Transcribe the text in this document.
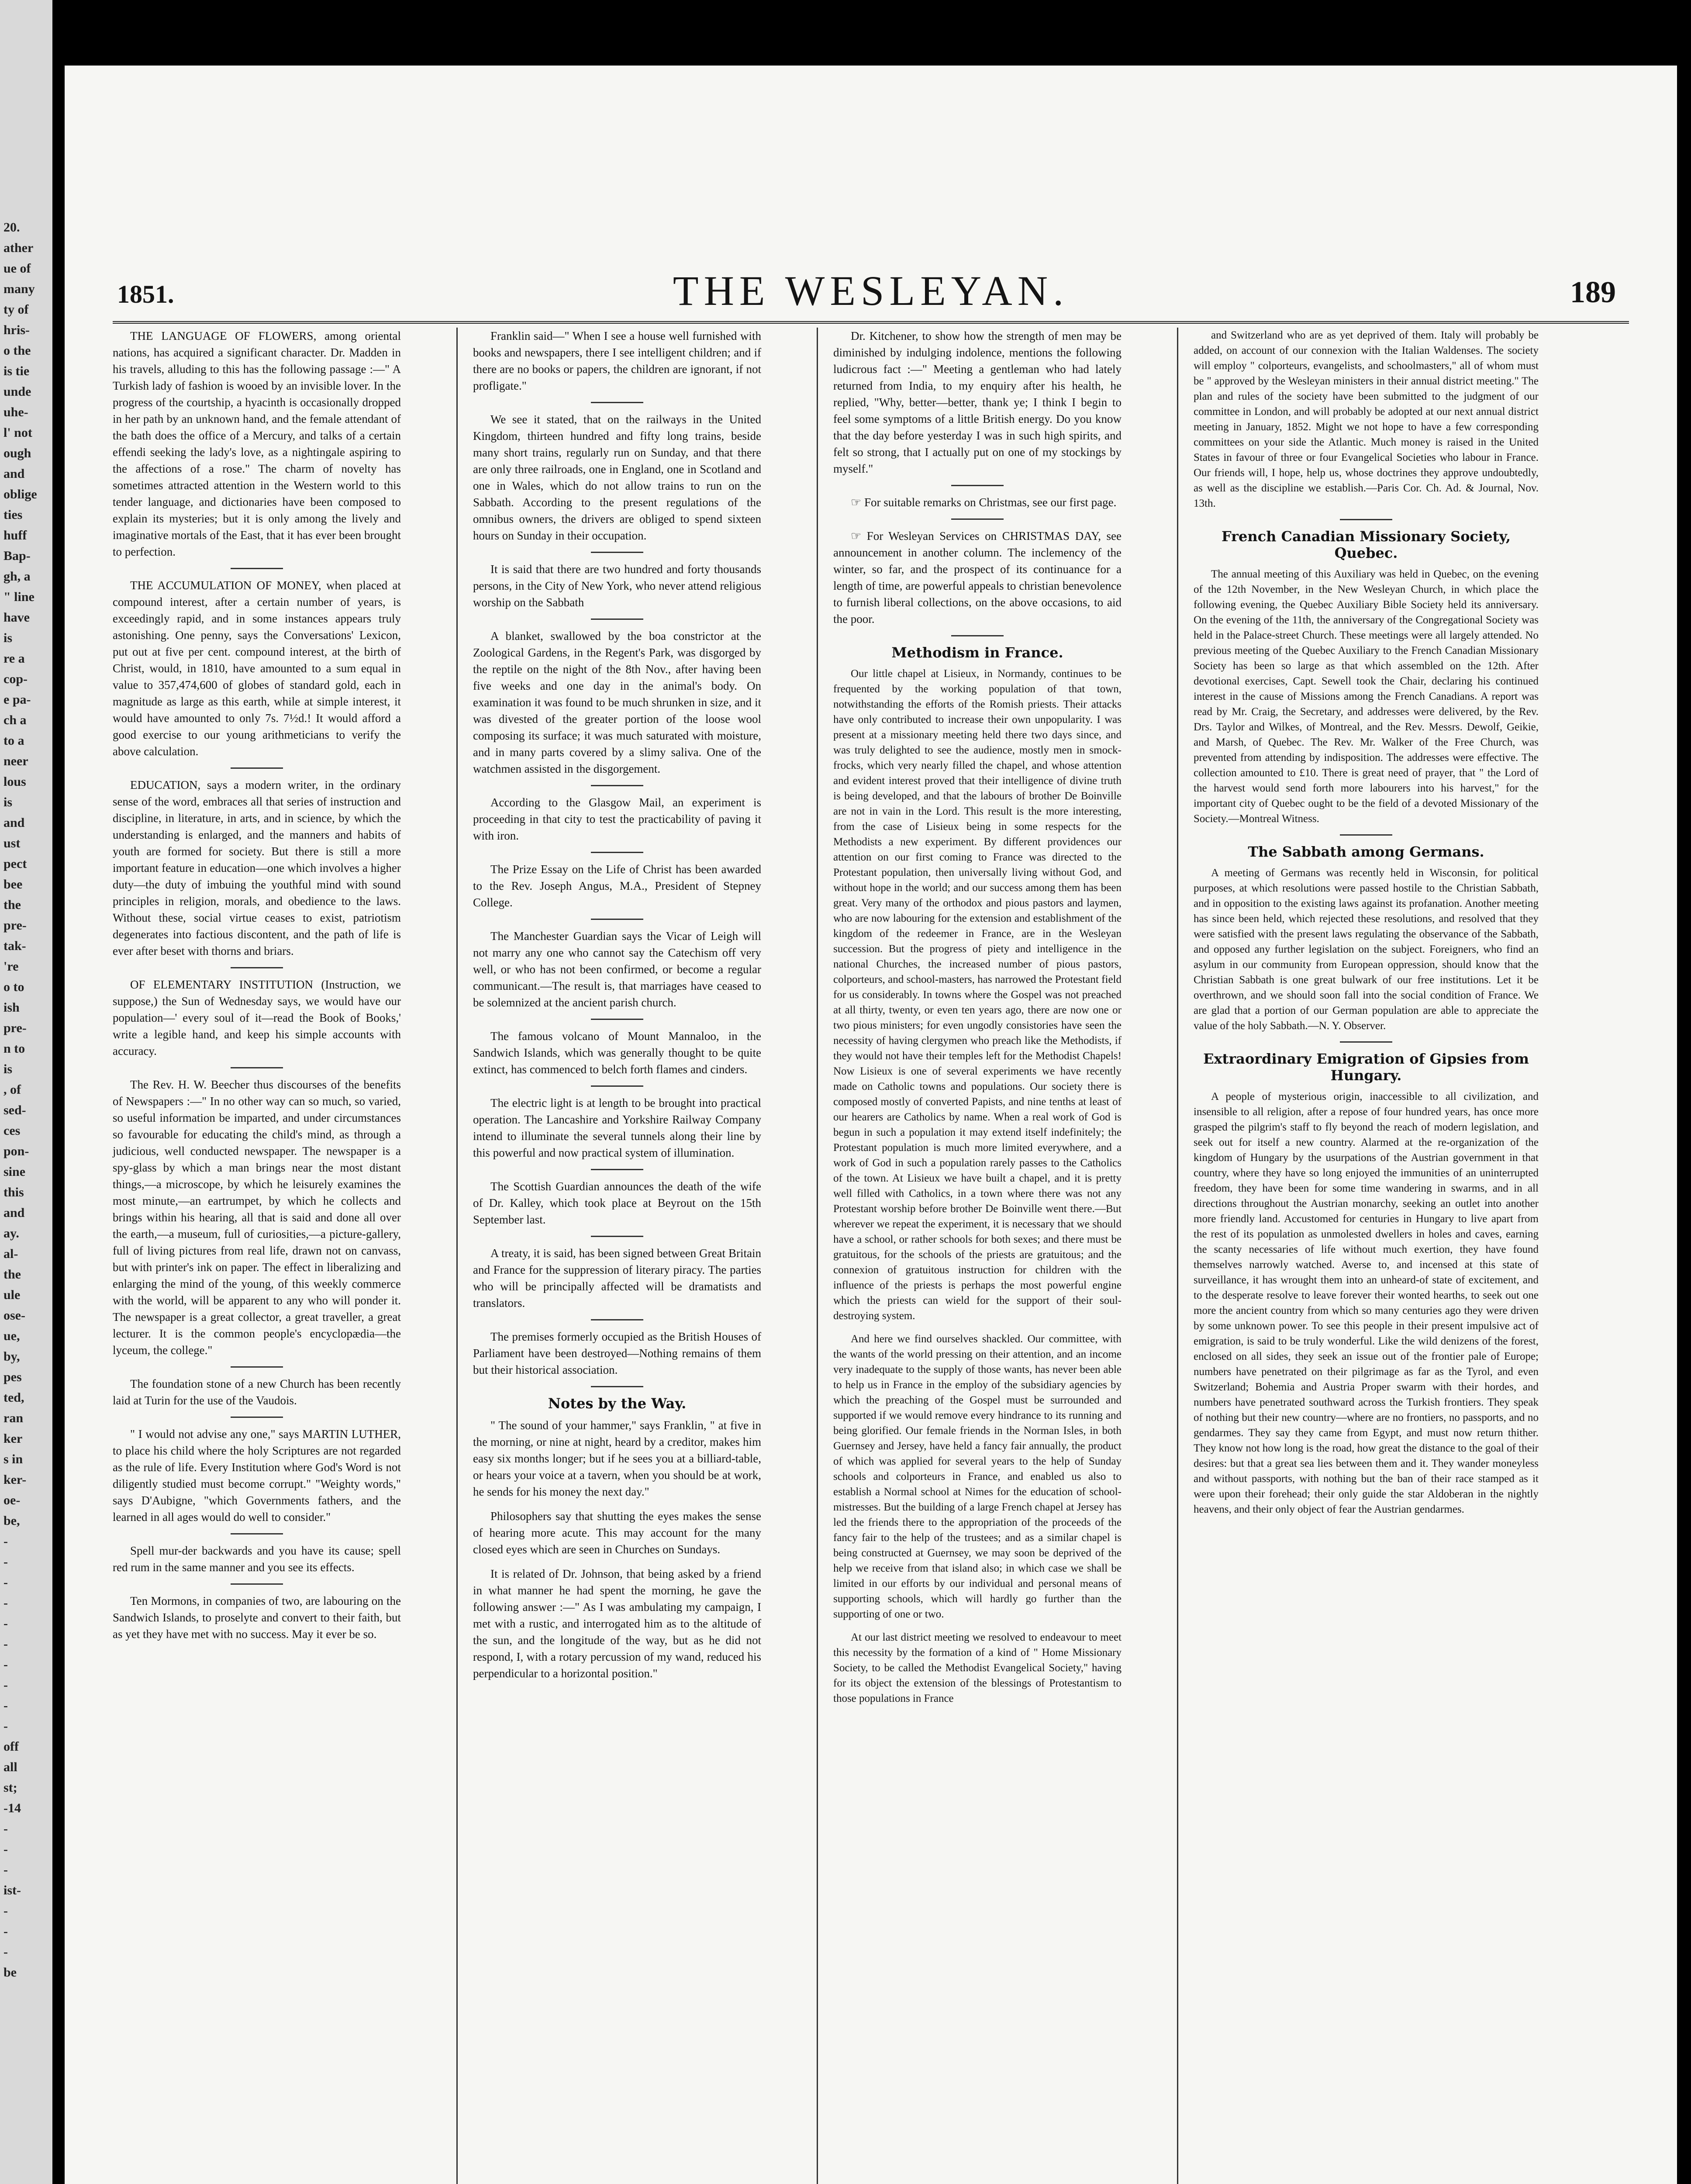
20.
ather
ue of
many
ty of
hris-
o the
is tie
unde
uhe-
l' not
ough
and
oblige
ties
huff
Bap-
gh, a
" line
have
is
re a
cop-
e pa-
ch a
to a
neer
lous
is
and
ust
pect
bee
the
pre-
tak-
're
o to
ish
pre-
n to
is
, of
sed-
ces
pon-
sine
this
and
ay.
al-
the
ule
ose-
ue,
by,
pes
ted,
ran
ker
s in
ker-
oe-
be,
-
-
-
-
-
-
-
-
-
-
off
all
st;
-14
-
-
-
ist-
-
-
-
be
1851.	THE WESLEYAN.	189

THE LANGUAGE OF FLOWERS, among oriental nations, has acquired a significant character. Dr. Madden in his travels, alluding to this has the following passage :—" A Turkish lady of fashion is wooed by an invisible lover. In the progress of the courtship, a hyacinth is occasionally dropped in her path by an unknown hand, and the female attendant of the bath does the office of a Mercury, and talks of a certain effendi seeking the lady's love, as a nightingale aspiring to the affections of a rose." The charm of novelty has sometimes attracted attention in the Western world to this tender language, and dictionaries have been composed to explain its mysteries; but it is only among the lively and imaginative mortals of the East, that it has ever been brought to perfection.

THE ACCUMULATION OF MONEY, when placed at compound interest, after a certain number of years, is exceedingly rapid, and in some instances appears truly astonishing. One penny, says the Conversations' Lexicon, put out at five per cent. compound interest, at the birth of Christ, would, in 1810, have amounted to a sum equal in value to 357,474,600 of globes of standard gold, each in magnitude as large as this earth, while at simple interest, it would have amounted to only 7s. 7½d.! It would afford a good exercise to our young arithmeticians to verify the above calculation.

EDUCATION, says a modern writer, in the ordinary sense of the word, embraces all that series of instruction and discipline, in literature, in arts, and in science, by which the understanding is enlarged, and the manners and habits of youth are formed for society. But there is still a more important feature in education—one which involves a higher duty—the duty of imbuing the youthful mind with sound principles in religion, morals, and obedience to the laws. Without these, social virtue ceases to exist, patriotism degenerates into factious discontent, and the path of life is ever after beset with thorns and briars.

OF ELEMENTARY INSTITUTION (Instruction, we suppose,) the Sun of Wednesday says, we would have our population—' every soul of it—read the Book of Books,' write a legible hand, and keep his simple accounts with accuracy.

The Rev. H. W. Beecher thus discourses of the benefits of Newspapers :—" In no other way can so much, so varied, so useful information be imparted, and under circumstances so favourable for educating the child's mind, as through a judicious, well conducted newspaper. The newspaper is a spy-glass by which a man brings near the most distant things,—a microscope, by which he leisurely examines the most minute,—an eartrumpet, by which he collects and brings within his hearing, all that is said and done all over the earth,—a museum, full of curiosities,—a picture-gallery, full of living pictures from real life, drawn not on canvass, but with printer's ink on paper. The effect in liberalizing and enlarging the mind of the young, of this weekly commerce with the world, will be apparent to any who will ponder it. The newspaper is a great collector, a great traveller, a great lecturer. It is the common people's encyclopædia—the lyceum, the college."

The foundation stone of a new Church has been recently laid at Turin for the use of the Vaudois.

" I would not advise any one," says MARTIN LUTHER, to place his child where the holy Scriptures are not regarded as the rule of life. Every Institution where God's Word is not diligently studied must become corrupt." "Weighty words," says D'Aubigne, "which Governments fathers, and the learned in all ages would do well to consider."

Spell mur-der backwards and you have its cause; spell red rum in the same manner and you see its effects.

Ten Mormons, in companies of two, are labouring on the Sandwich Islands, to proselyte and convert to their faith, but as yet they have met with no success. May it ever be so.

Franklin said—" When I see a house well furnished with books and newspapers, there I see intelligent children; and if there are no books or papers, the children are ignorant, if not profligate."

We see it stated, that on the railways in the United Kingdom, thirteen hundred and fifty long trains, beside many short trains, regularly run on Sunday, and that there are only three railroads, one in England, one in Scotland and one in Wales, which do not allow trains to run on the Sabbath. According to the present regulations of the omnibus owners, the drivers are obliged to spend sixteen hours on Sunday in their occupation.

It is said that there are two hundred and forty thousands persons, in the City of New York, who never attend religious worship on the Sabbath

A blanket, swallowed by the boa constrictor at the Zoological Gardens, in the Regent's Park, was disgorged by the reptile on the night of the 8th Nov., after having been five weeks and one day in the animal's body. On examination it was found to be much shrunken in size, and it was divested of the greater portion of the loose wool composing its surface; it was much saturated with moisture, and in many parts covered by a slimy saliva. One of the watchmen assisted in the disgorgement.

According to the Glasgow Mail, an experiment is proceeding in that city to test the practicability of paving it with iron.

The Prize Essay on the Life of Christ has been awarded to the Rev. Joseph Angus, M.A., President of Stepney College.

The Manchester Guardian says the Vicar of Leigh will not marry any one who cannot say the Catechism off very well, or who has not been confirmed, or become a regular communicant.—The result is, that marriages have ceased to be solemnized at the ancient parish church.

The famous volcano of Mount Mannaloo, in the Sandwich Islands, which was generally thought to be quite extinct, has commenced to belch forth flames and cinders.

The electric light is at length to be brought into practical operation. The Lancashire and Yorkshire Railway Company intend to illuminate the several tunnels along their line by this powerful and now practical system of illumination.

The Scottish Guardian announces the death of the wife of Dr. Kalley, which took place at Beyrout on the 15th September last.

A treaty, it is said, has been signed between Great Britain and France for the suppression of literary piracy. The parties who will be principally affected will be dramatists and translators.

The premises formerly occupied as the British Houses of Parliament have been destroyed—Nothing remains of them but their historical association.

Notes by the Way.

" The sound of your hammer," says Franklin, " at five in the morning, or nine at night, heard by a creditor, makes him easy six months longer; but if he sees you at a billiard-table, or hears your voice at a tavern, when you should be at work, he sends for his money the next day."

Philosophers say that shutting the eyes makes the sense of hearing more acute. This may account for the many closed eyes which are seen in Churches on Sundays.

It is related of Dr. Johnson, that being asked by a friend in what manner he had spent the morning, he gave the following answer :—" As I was ambulating my campaign, I met with a rustic, and interrogated him as to the altitude of the sun, and the longitude of the way, but as he did not respond, I, with a rotary percussion of my wand, reduced his perpendicular to a horizontal position."

Dr. Kitchener, to show how the strength of men may be diminished by indulging indolence, mentions the following ludicrous fact :—" Meeting a gentleman who had lately returned from India, to my enquiry after his health, he replied, "Why, better—better, thank ye; I think I begin to feel some symptoms of a little British energy. Do you know that the day before yesterday I was in such high spirits, and felt so strong, that I actually put on one of my stockings by myself."

☞ For suitable remarks on Christmas, see our first page.

☞ For Wesleyan Services on CHRISTMAS DAY, see announcement in another column. The inclemency of the winter, so far, and the prospect of its continuance for a length of time, are powerful appeals to christian benevolence to furnish liberal collections, on the above occasions, to aid the poor.

Methodism in France.

Our little chapel at Lisieux, in Normandy, continues to be frequented by the working population of that town, notwithstanding the efforts of the Romish priests. Their attacks have only contributed to increase their own unpopularity. I was present at a missionary meeting held there two days since, and was truly delighted to see the audience, mostly men in smock-frocks, which very nearly filled the chapel, and whose attention and evident interest proved that their intelligence of divine truth is being developed, and that the labours of brother De Boinville are not in vain in the Lord. This result is the more interesting, from the case of Lisieux being in some respects for the Methodists a new experiment. By different providences our attention on our first coming to France was directed to the Protestant population, then universally living without God, and without hope in the world; and our success among them has been great. Very many of the orthodox and pious pastors and laymen, who are now labouring for the extension and establishment of the kingdom of the redeemer in France, are in the Wesleyan succession. But the progress of piety and intelligence in the national Churches, the increased number of pious pastors, colporteurs, and school-masters, has narrowed the Protestant field for us considerably. In towns where the Gospel was not preached at all thirty, twenty, or even ten years ago, there are now one or two pious ministers; for even ungodly consistories have seen the necessity of having clergymen who preach like the Methodists, if they would not have their temples left for the Methodist Chapels! Now Lisieux is one of several experiments we have recently made on Catholic towns and populations. Our society there is composed mostly of converted Papists, and nine tenths at least of our hearers are Catholics by name. When a real work of God is begun in such a population it may extend itself indefinitely; the Protestant population is much more limited everywhere, and a work of God in such a population rarely passes to the Catholics of the town. At Lisieux we have built a chapel, and it is pretty well filled with Catholics, in a town where there was not any Protestant worship before brother De Boinville went there.—But wherever we repeat the experiment, it is necessary that we should have a school, or rather schools for both sexes; and there must be gratuitous, for the schools of the priests are gratuitous; and the connexion of gratuitous instruction for children with the influence of the priests is perhaps the most powerful engine which the priests can wield for the support of their soul-destroying system.

And here we find ourselves shackled. Our committee, with the wants of the world pressing on their attention, and an income very inadequate to the supply of those wants, has never been able to help us in France in the employ of the subsidiary agencies by which the preaching of the Gospel must be surrounded and supported if we would remove every hindrance to its running and being glorified. Our female friends in the Norman Isles, in both Guernsey and Jersey, have held a fancy fair annually, the product of which was applied for several years to the help of Sunday schools and colporteurs in France, and enabled us also to establish a Normal school at Nimes for the education of school-mistresses. But the building of a large French chapel at Jersey has led the friends there to the appropriation of the proceeds of the fancy fair to the help of the trustees; and as a similar chapel is being constructed at Guernsey, we may soon be deprived of the help we receive from that island also; in which case we shall be limited in our efforts by our individual and personal means of supporting schools, which will hardly go further than the supporting of one or two.

At our last district meeting we resolved to endeavour to meet this necessity by the formation of a kind of " Home Missionary Society, to be called the Methodist Evangelical Society," having for its object the extension of the blessings of Protestantism to those populations in France

and Switzerland who are as yet deprived of them. Italy will probably be added, on account of our connexion with the Italian Waldenses. The society will employ " colporteurs, evangelists, and schoolmasters," all of whom must be " approved by the Wesleyan ministers in their annual district meeting." The plan and rules of the society have been submitted to the judgment of our committee in London, and will probably be adopted at our next annual district meeting in January, 1852. Might we not hope to have a few corresponding committees on your side the Atlantic. Much money is raised in the United States in favour of three or four Evangelical Societies who labour in France. Our friends will, I hope, help us, whose doctrines they approve undoubtedly, as well as the discipline we establish.—Paris Cor. Ch. Ad. & Journal, Nov. 13th.

French Canadian Missionary Society, Quebec.

The annual meeting of this Auxiliary was held in Quebec, on the evening of the 12th November, in the New Wesleyan Church, in which place the following evening, the Quebec Auxiliary Bible Society held its anniversary. On the evening of the 11th, the anniversary of the Congregational Society was held in the Palace-street Church. These meetings were all largely attended. No previous meeting of the Quebec Auxiliary to the French Canadian Missionary Society has been so large as that which assembled on the 12th. After devotional exercises, Capt. Sewell took the Chair, declaring his continued interest in the cause of Missions among the French Canadians. A report was read by Mr. Craig, the Secretary, and addresses were delivered, by the Rev. Drs. Taylor and Wilkes, of Montreal, and the Rev. Messrs. Dewolf, Geikie, and Marsh, of Quebec. The Rev. Mr. Walker of the Free Church, was prevented from attending by indisposition. The addresses were effective. The collection amounted to £10. There is great need of prayer, that " the Lord of the harvest would send forth more labourers into his harvest," for the important city of Quebec ought to be the field of a devoted Missionary of the Society.—Montreal Witness.

The Sabbath among Germans.

A meeting of Germans was recently held in Wisconsin, for political purposes, at which resolutions were passed hostile to the Christian Sabbath, and in opposition to the existing laws against its profanation. Another meeting has since been held, which rejected these resolutions, and resolved that they were satisfied with the present laws regulating the observance of the Sabbath, and opposed any further legislation on the subject. Foreigners, who find an asylum in our community from European oppression, should know that the Christian Sabbath is one great bulwark of our free institutions. Let it be overthrown, and we should soon fall into the social condition of France. We are glad that a portion of our German population are able to appreciate the value of the holy Sabbath.—N. Y. Observer.

Extraordinary Emigration of Gipsies from Hungary.

A people of mysterious origin, inaccessible to all civilization, and insensible to all religion, after a repose of four hundred years, has once more grasped the pilgrim's staff to fly beyond the reach of modern legislation, and seek out for itself a new country. Alarmed at the re-organization of the kingdom of Hungary by the usurpations of the Austrian government in that country, where they have so long enjoyed the immunities of an uninterrupted freedom, they have been for some time wandering in swarms, and in all directions throughout the Austrian monarchy, seeking an outlet into another more friendly land. Accustomed for centuries in Hungary to live apart from the rest of its population as unmolested dwellers in holes and caves, earning the scanty necessaries of life without much exertion, they have found themselves narrowly watched. Averse to, and incensed at this state of surveillance, it has wrought them into an unheard-of state of excitement, and to the desperate resolve to leave forever their wonted hearths, to seek out one more the ancient country from which so many centuries ago they were driven by some unknown power. To see this people in their present impulsive act of emigration, is said to be truly wonderful. Like the wild denizens of the forest, enclosed on all sides, they seek an issue out of the frontier pale of Europe; numbers have penetrated on their pilgrimage as far as the Tyrol, and even Switzerland; Bohemia and Austria Proper swarm with their hordes, and numbers have penetrated southward across the Turkish frontiers. They speak of nothing but their new country—where are no frontiers, no passports, and no gendarmes. They say they came from Egypt, and must now return thither. They know not how long is the road, how great the distance to the goal of their desires: but that a great sea lies between them and it. They wander moneyless and without passports, with nothing but the ban of their race stamped as it were upon their forehead; their only guide the star Aldoberan in the nightly heavens, and their only object of fear the Austrian gendarmes.
